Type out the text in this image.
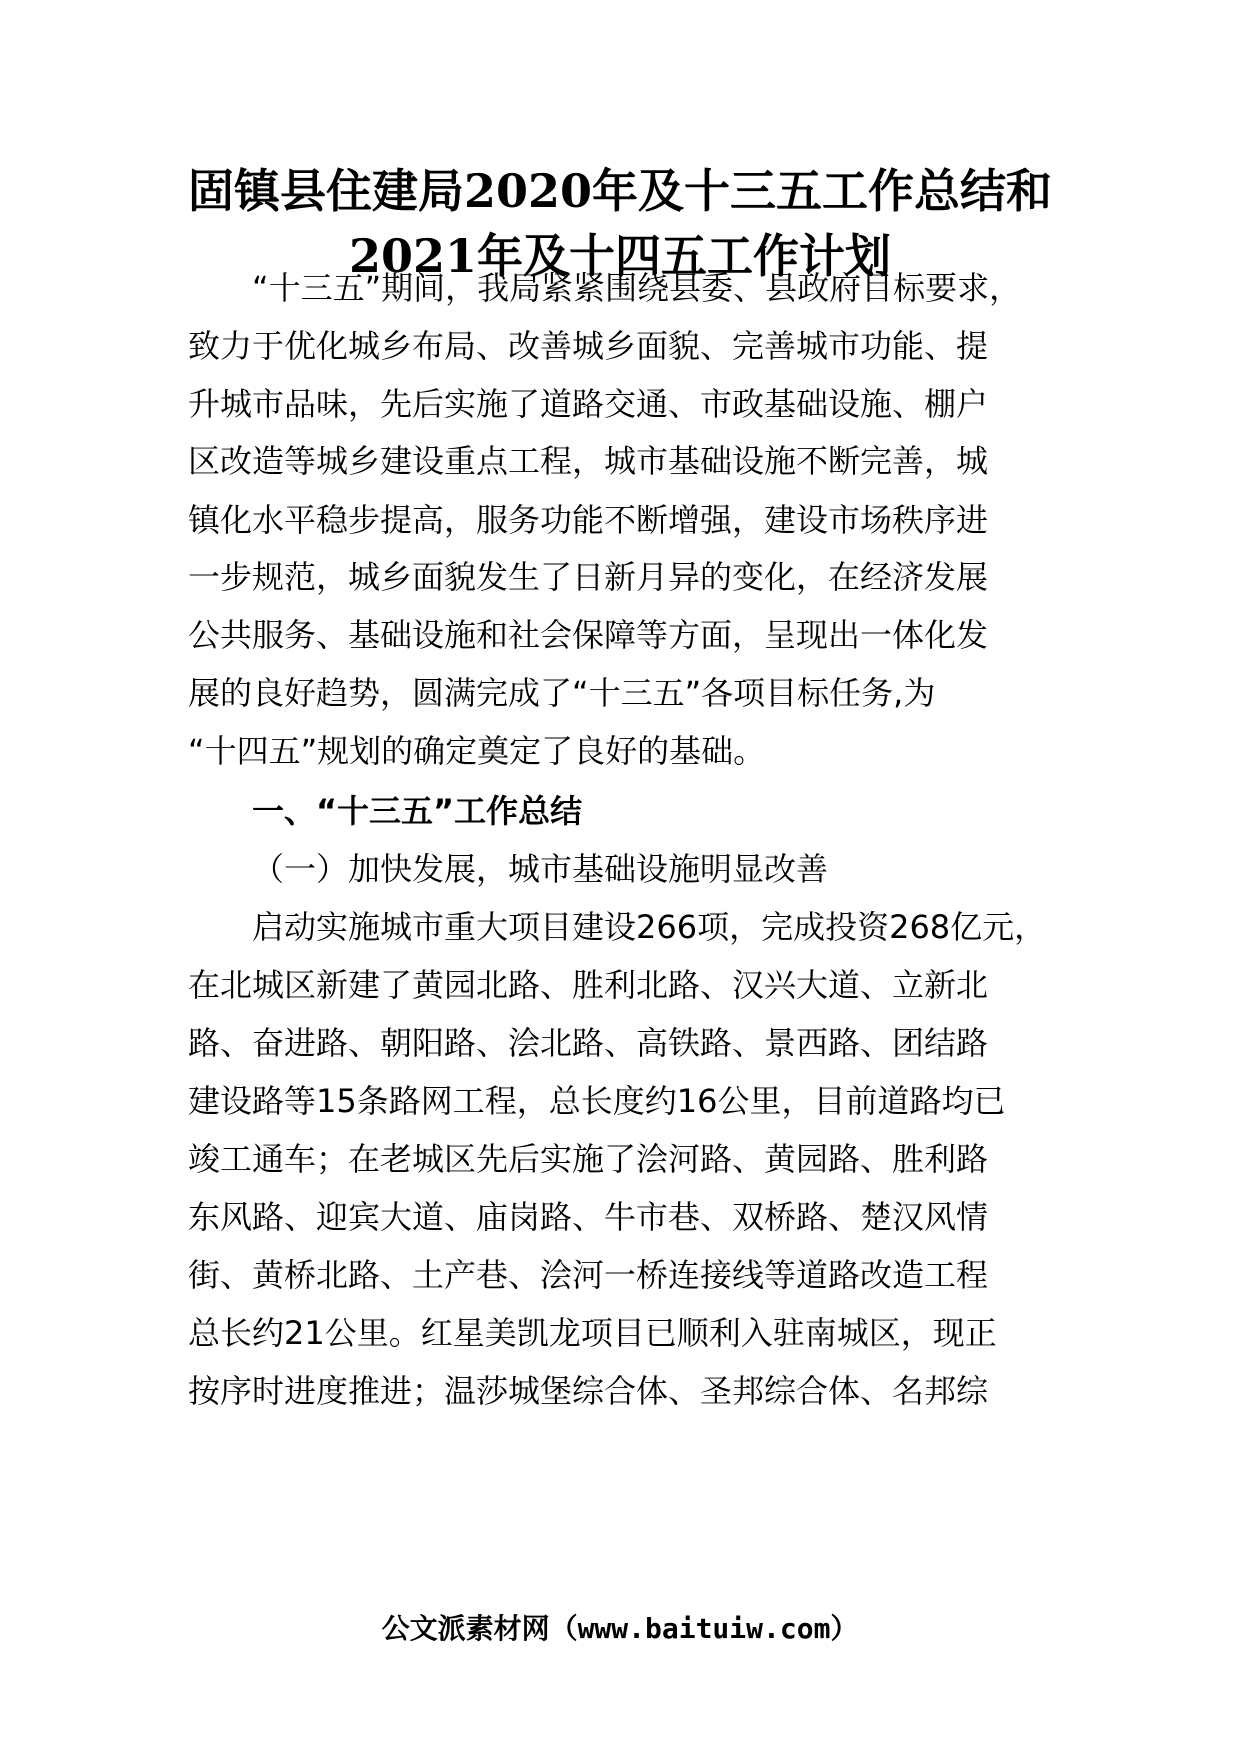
固镇县住建局2020年及十三五工作总结和
2021年及十四五工作计划

“十三五”期间，我局紧紧围绕县委、县政府目标要求，

致力于优化城乡布局、改善城乡面貌、完善城市功能、提

升城市品味，先后实施了道路交通、市政基础设施、棚户

区改造等城乡建设重点工程，城市基础设施不断完善，城

镇化水平稳步提高，服务功能不断增强，建设市场秩序进

一步规范，城乡面貌发生了日新月异的变化，在经济发展

公共服务、基础设施和社会保障等方面，呈现出一体化发

展的良好趋势，圆满完成了“十三五”各项目标任务,为

“十四五”规划的确定奠定了良好的基础。

一、“十三五”工作总结

（一）加快发展，城市基础设施明显改善

启动实施城市重大项目建设266项，完成投资268亿元，

在北城区新建了黄园北路、胜利北路、汉兴大道、立新北

路、奋进路、朝阳路、浍北路、高铁路、景西路、团结路

建设路等15条路网工程，总长度约16公里，目前道路均已

竣工通车；在老城区先后实施了浍河路、黄园路、胜利路

东风路、迎宾大道、庙岗路、牛市巷、双桥路、楚汉风情

街、黄桥北路、土产巷、浍河一桥连接线等道路改造工程

总长约21公里。红星美凯龙项目已顺利入驻南城区，现正

按序时进度推进；温莎城堡综合体、圣邦综合体、名邦综

公文派素材网（www.baituiw.com）
